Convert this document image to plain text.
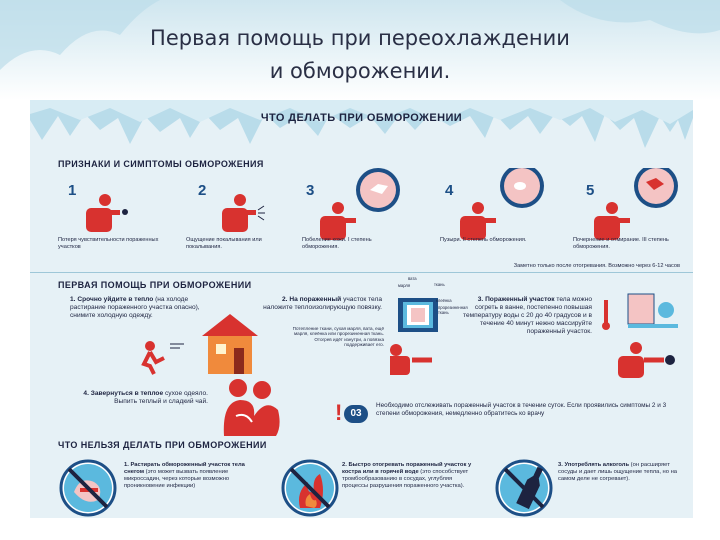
Первая помощь при переохлаждении
и обморожении.
ЧТО ДЕЛАТЬ ПРИ ОБМОРОЖЕНИИ
ПРИЗНАКИ И СИМПТОМЫ ОБМОРОЖЕНИЯ
1	2	3	4	5
Потеря чувствительности пораженных участков
Ощущение покалывания или покалывания.
Побеление кожи. I степень обморожения.
Пузыри. II степень обморожения.	Почернение и отмирание. III степень обморожения.
Заметно только после отогревания. Возможно через 6-12 часов
ПЕРВАЯ ПОМОЩЬ ПРИ ОБМОРОЖЕНИИ
1. Срочно уйдите в тепло (на холоде растирание пораженного участка опасно), снимите холодную одежду.
2. На пораженный участок тела наложите теплоизолирующую повязку.
Потепление ткани, сухая марля, вата, ещё марля, клеёнка или прорезиненная ткань. Отогрев идёт изнутри, а повязка поддерживает его.
вата
марля	ткань
клеёнка
прорезиненная ткань
3. Пораженный участок тела можно согреть в ванне, постепенно повышая температуру воды с 20 до 40 градусов и в течение 40 минут нежно массируйте пораженный участок.
4. Завернуться в теплое сухое одеяло. Выпить теплый и сладкий чай.	! 03
Необходимо отслеживать пораженный участок в течение суток. Если проявились симптомы 2 и 3 степени обморожения, немедленно обратитесь ко врачу
ЧТО НЕЛЬЗЯ ДЕЛАТЬ ПРИ ОБМОРОЖЕНИИ
1. Растирать обмороженный участок тела снегом (это может вызвать появление микроссадин, через которые возможно проникновение инфекции)
2. Быстро отогревать пораженный участок у костра или в горячей воде (это способствует тромбообразованию в сосудах, углубляя процессы разрушения пораженного участка).
3. Употреблять алкоголь (он расширяет сосуды и дает лишь ощущение тепла, но на самом деле не согревает).
